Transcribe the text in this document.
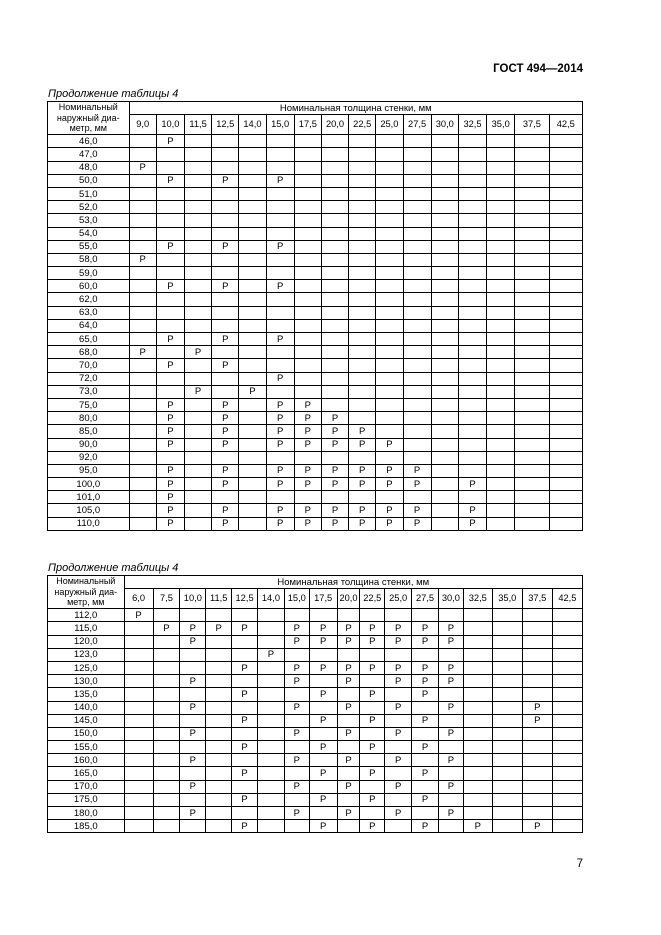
ГОСТ 494—2014
Продолжение таблицы 4
Номинальный наружный диа-метр, мм	Номинальная толщина стенки, мм															
	9,0	10,0	11,5	12,5	14,0	15,0	17,5	20,0	22,5	25,0	27,5	30,0	32,5	35,0	37,5	42,5
46,0		P														
47,0																
48,0	P															
50,0		P		P		P										
51,0																
52,0																
53,0																
54,0																
55,0		P		P		P										
58,0	P															
59,0																
60,0		P		P		P										
62,0																
63,0																
64,0																
65,0		P		P		P										
68,0	P		P													
70,0		P		P												
72,0						P										
73,0			P		P											
75,0		P		P		P	P									
80,0		P		P		P	P	P								
85,0		P		P		P	P	P	P							
90,0		P		P		P	P	P	P	P						
92,0																
95,0		P		P		P	P	P	P	P	P					
100,0		P		P		P	P	P	P	P	P		P			
101,0		P														
105,0		P		P		P	P	P	P	P	P		P			
110,0		P		P		P	P	P	P	P	P		P			
Продолжение таблицы 4
Номинальный наружный диа-метр, мм	Номинальная толщина стенки, мм																
	6,0	7,5	10,0	11,5	12,5	14,0	15,0	17,5	20,0	22,5	25,0	27,5	30,0	32,5	35,0	37,5	42,5
112,0	P																
115,0		P	P	P	P		P	P	P	P	P	P	P				
120,0			P				P	P	P	P	P	P	P				
123,0						P											
125,0					P		P	P	P	P	P	P	P				
130,0			P				P		P		P	P	P				
135,0					P			P		P		P					
140,0			P				P		P		P		P			P	
145,0					P			P		P		P				P	
150,0			P				P		P		P		P				
155,0					P			P		P		P					
160,0			P				P		P		P		P				
165,0					P			P		P		P					
170,0			P				P		P		P		P				
175,0					P			P		P		P					
180,0			P				P		P		P		P				
185,0					P			P		P		P		P		P	
7
